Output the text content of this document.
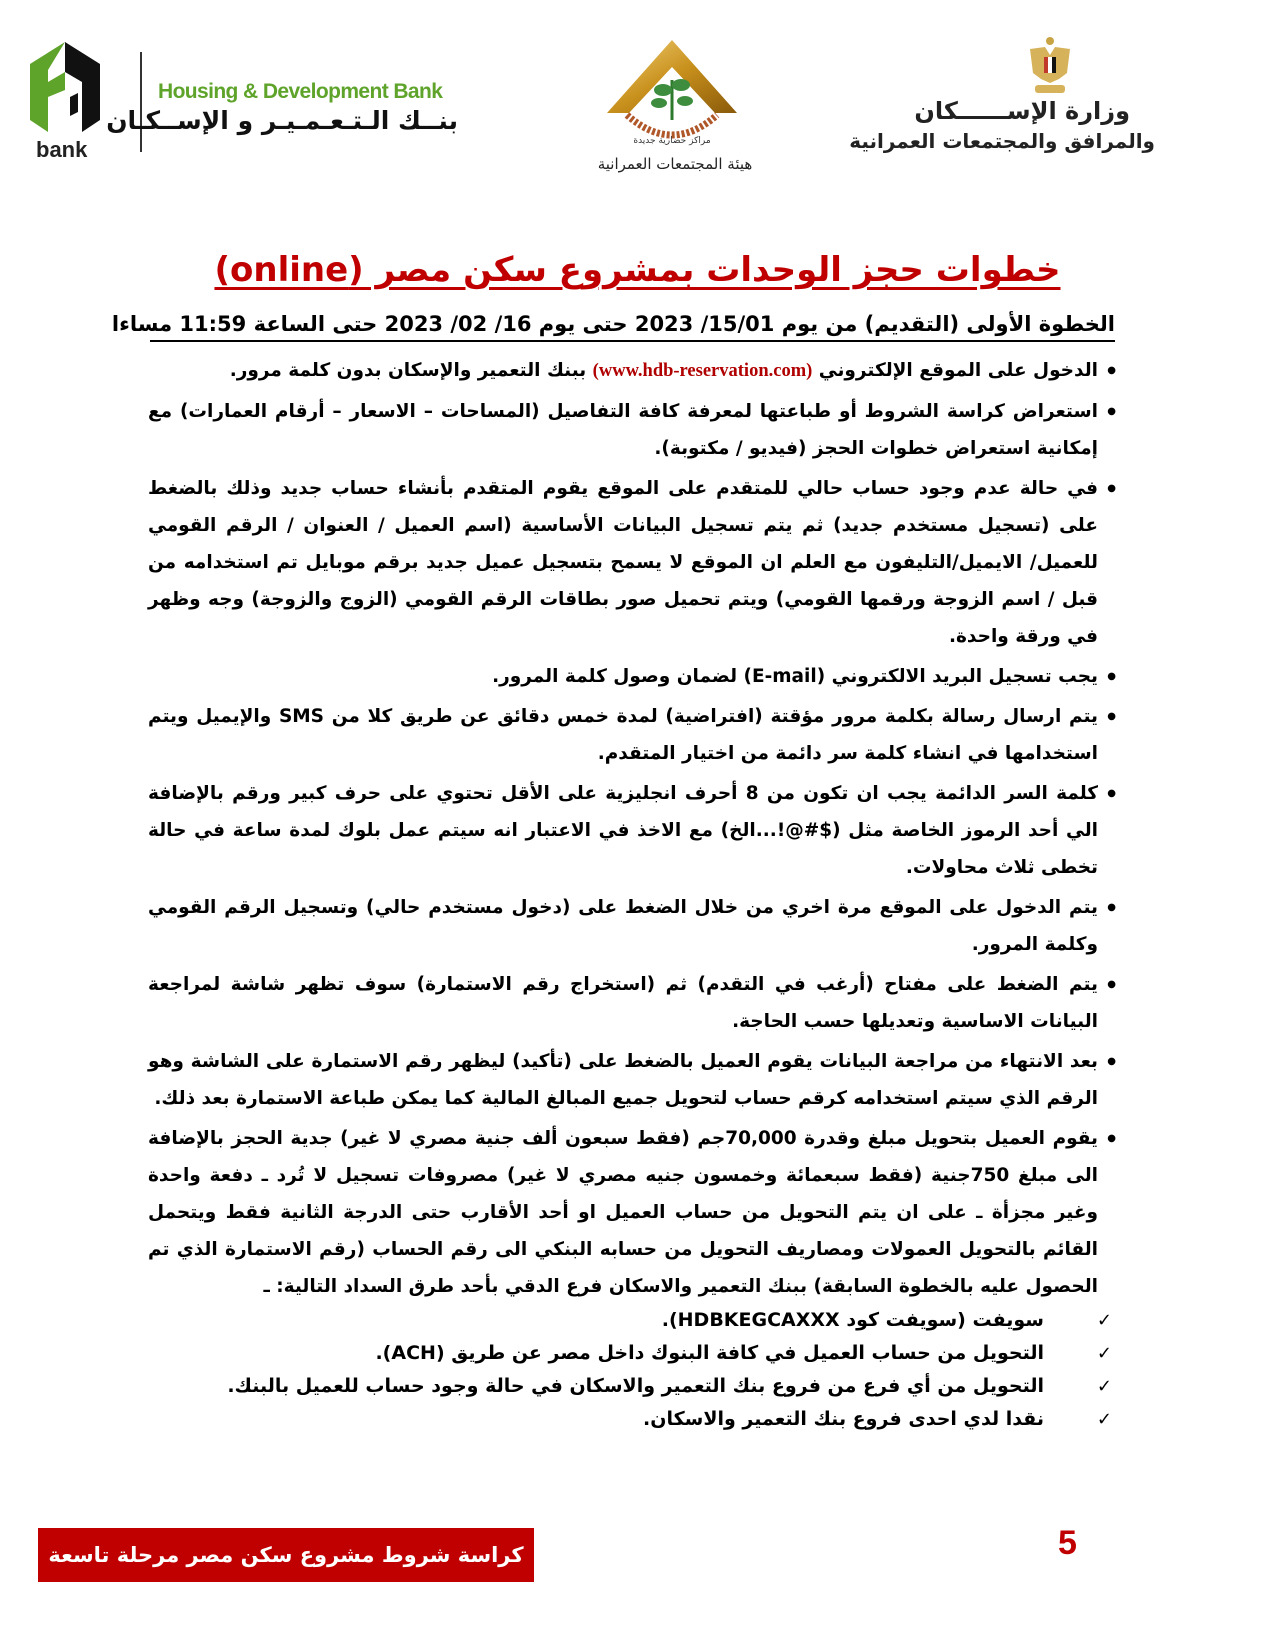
bank
Housing & Development Bank
بنــك الـتـعـمـيـر و الإســكـان
مراكز حضارية جديدة
هيئة المجتمعات العمرانية
وزارة الإســــــكان
والمرافق والمجتمعات العمرانية
خطوات حجز الوحدات بمشروع سكن مصر (online)
الخطوة الأولى (التقديم) من يوم 15/01/ 2023 حتى يوم 16/ 02/ 2023 حتى الساعة 11:59 مساءا
● الدخول على الموقع الإلكتروني (www.hdb-reservation.com) ببنك التعمير والإسكان بدون كلمة مرور.
● استعراض كراسة الشروط أو طباعتها لمعرفة كافة التفاصيل (المساحات – الاسعار – أرقام العمارات) مع إمكانية استعراض خطوات الحجز (فيديو / مكتوبة).
● في حالة عدم وجود حساب حالي للمتقدم على الموقع يقوم المتقدم بأنشاء حساب جديد وذلك بالضغط على (تسجيل مستخدم جديد) ثم يتم تسجيل البيانات الأساسية (اسم العميل / العنوان / الرقم القومي للعميل/ الايميل/التليفون مع العلم ان الموقع لا يسمح بتسجيل عميل جديد برقم موبايل تم استخدامه من قبل / اسم الزوجة ورقمها القومي) ويتم تحميل صور بطاقات الرقم القومي (الزوج والزوجة) وجه وظهر في ورقة واحدة.
● يجب تسجيل البريد الالكتروني (E-mail) لضمان وصول كلمة المرور.
● يتم ارسال رسالة بكلمة مرور مؤقتة (افتراضية) لمدة خمس دقائق عن طريق كلا من SMS والإيميل ويتم استخدامها في انشاء كلمة سر دائمة من اختيار المتقدم.
● كلمة السر الدائمة يجب ان تكون من 8 أحرف انجليزية على الأقل تحتوي على حرف كبير ورقم بالإضافة الي أحد الرموز الخاصة مثل ($#@!...الخ) مع الاخذ في الاعتبار انه سيتم عمل بلوك لمدة ساعة في حالة تخطى ثلاث محاولات.
● يتم الدخول على الموقع مرة اخري من خلال الضغط على (دخول مستخدم حالي) وتسجيل الرقم القومي وكلمة المرور.
● يتم الضغط على مفتاح (أرغب في التقدم) ثم (استخراج رقم الاستمارة) سوف تظهر شاشة لمراجعة البيانات الاساسية وتعديلها حسب الحاجة.
● بعد الانتهاء من مراجعة البيانات يقوم العميل بالضغط على (تأكيد) ليظهر رقم الاستمارة على الشاشة وهو الرقم الذي سيتم استخدامه كرقم حساب لتحويل جميع المبالغ المالية كما يمكن طباعة الاستمارة بعد ذلك.
● يقوم العميل بتحويل مبلغ وقدرة 70,000جم (فقط سبعون ألف جنية مصري لا غير) جدية الحجز بالإضافة الى مبلغ 750جنية (فقط سبعمائة وخمسون جنيه مصري لا غير) مصروفات تسجيل لا تُرد ـ دفعة واحدة وغير مجزأة ـ على ان يتم التحويل من حساب العميل او أحد الأقارب حتى الدرجة الثانية فقط ويتحمل القائم بالتحويل العمولات ومصاريف التحويل من حسابه البنكي الى رقم الحساب (رقم الاستمارة الذي تم الحصول عليه بالخطوة السابقة) ببنك التعمير والاسكان فرع الدقي بأحد طرق السداد التالية: ـ
✓
سويفت (سويفت كود HDBKEGCAXXX).
✓
التحويل من حساب العميل في كافة البنوك داخل مصر عن طريق (ACH).
✓
التحويل من أي فرع من فروع بنك التعمير والاسكان في حالة وجود حساب للعميل بالبنك.
✓
نقدا لدي احدى فروع بنك التعمير والاسكان.
كراسة شروط مشروع سكن مصر مرحلة تاسعة	5
